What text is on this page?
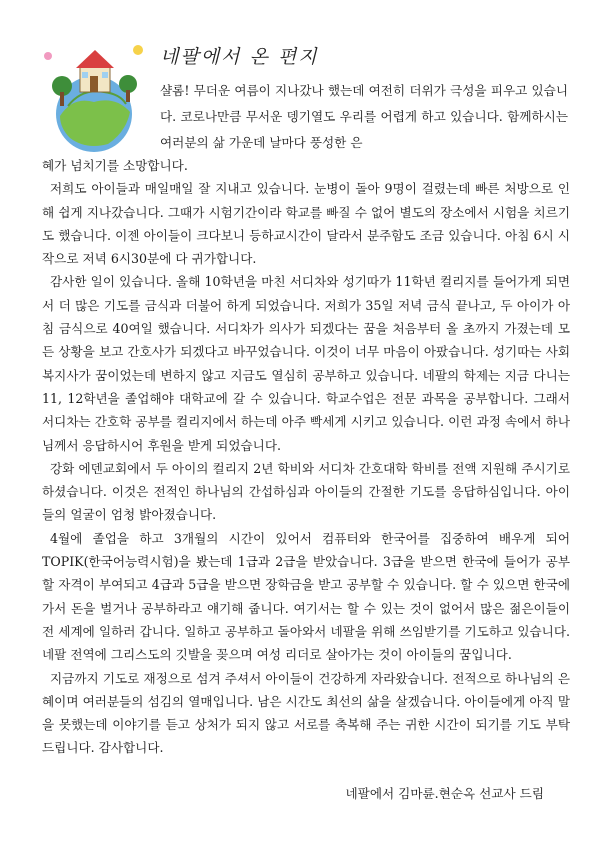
네팔에서 온 편지
샬롬! 무더운 여름이 지나갔나 했는데 여전히 더위가 극성을 피우고 있습니다. 코로나만큼 무서운 뎅기열도 우리를 어렵게 하고 있습니다. 함께하시는 여러분의 삶 가운데 날마다 풍성한 은

혜가 넘치기를 소망합니다.

저희도 아이들과 매일매일 잘 지내고 있습니다. 눈병이 돌아 9명이 걸렸는데 빠른 처방으로 인해 쉽게 지나갔습니다. 그때가 시험기간이라 학교를 빠질 수 없어 별도의 장소에서 시험을 치르기도 했습니다. 이젠 아이들이 크다보니 등하교시간이 달라서 분주함도 조금 있습니다. 아침 6시 시작으로 저녁 6시30분에 다 귀가합니다.

감사한 일이 있습니다. 올해 10학년을 마친 서디차와 성기따가 11학년 컬리지를 들어가게 되면서 더 많은 기도를 금식과 더불어 하게 되었습니다. 저희가 35일 저녁 금식 끝나고, 두 아이가 아침 금식으로 40여일 했습니다. 서디차가 의사가 되겠다는 꿈을 처음부터 올 초까지 가졌는데 모든 상황을 보고 간호사가 되겠다고 바꾸었습니다. 이것이 너무 마음이 아팠습니다. 성기따는 사회복지사가 꿈이었는데 변하지 않고 지금도 열심히 공부하고 있습니다. 네팔의 학제는 지금 다니는 11, 12학년을 졸업해야 대학교에 갈 수 있습니다. 학교수업은 전문 과목을 공부합니다. 그래서 서디차는 간호학 공부를 컬리지에서 하는데 아주 빡세게 시키고 있습니다. 이런 과정 속에서 하나님께서 응답하시어 후원을 받게 되었습니다.

강화 에덴교회에서 두 아이의 컬리지 2년 학비와 서디차 간호대학 학비를 전액 지원해 주시기로 하셨습니다. 이것은 전적인 하나님의 간섭하심과 아이들의 간절한 기도를 응답하심입니다. 아이들의 얼굴이 엄청 밝아졌습니다.

4월에 졸업을 하고 3개월의 시간이 있어서 컴퓨터와 한국어를 집중하여 배우게 되어 TOPIK(한국어능력시험)을 봤는데 1급과 2급을 받았습니다. 3급을 받으면 한국에 들어가 공부할 자격이 부여되고 4급과 5급을 받으면 장학금을 받고 공부할 수 있습니다. 할 수 있으면 한국에 가서 돈을 벌거나 공부하라고 얘기해 줍니다. 여기서는 할 수 있는 것이 없어서 많은 젊은이들이 전 세계에 일하러 갑니다. 일하고 공부하고 돌아와서 네팔을 위해 쓰임받기를 기도하고 있습니다. 네팔 전역에 그리스도의 깃발을 꽂으며 여성 리더로 살아가는 것이 아이들의 꿈입니다.

지금까지 기도로 재정으로 섬겨 주셔서 아이들이 건강하게 자라왔습니다. 전적으로 하나님의 은혜이며 여러분들의 섬김의 열매입니다. 남은 시간도 최선의 삶을 살겠습니다. 아이들에게 아직 말을 못했는데 이야기를 듣고 상처가 되지 않고 서로를 축복해 주는 귀한 시간이 되기를 기도 부탁드립니다. 감사합니다.

네팔에서 김마륜.현순옥 선교사 드림
